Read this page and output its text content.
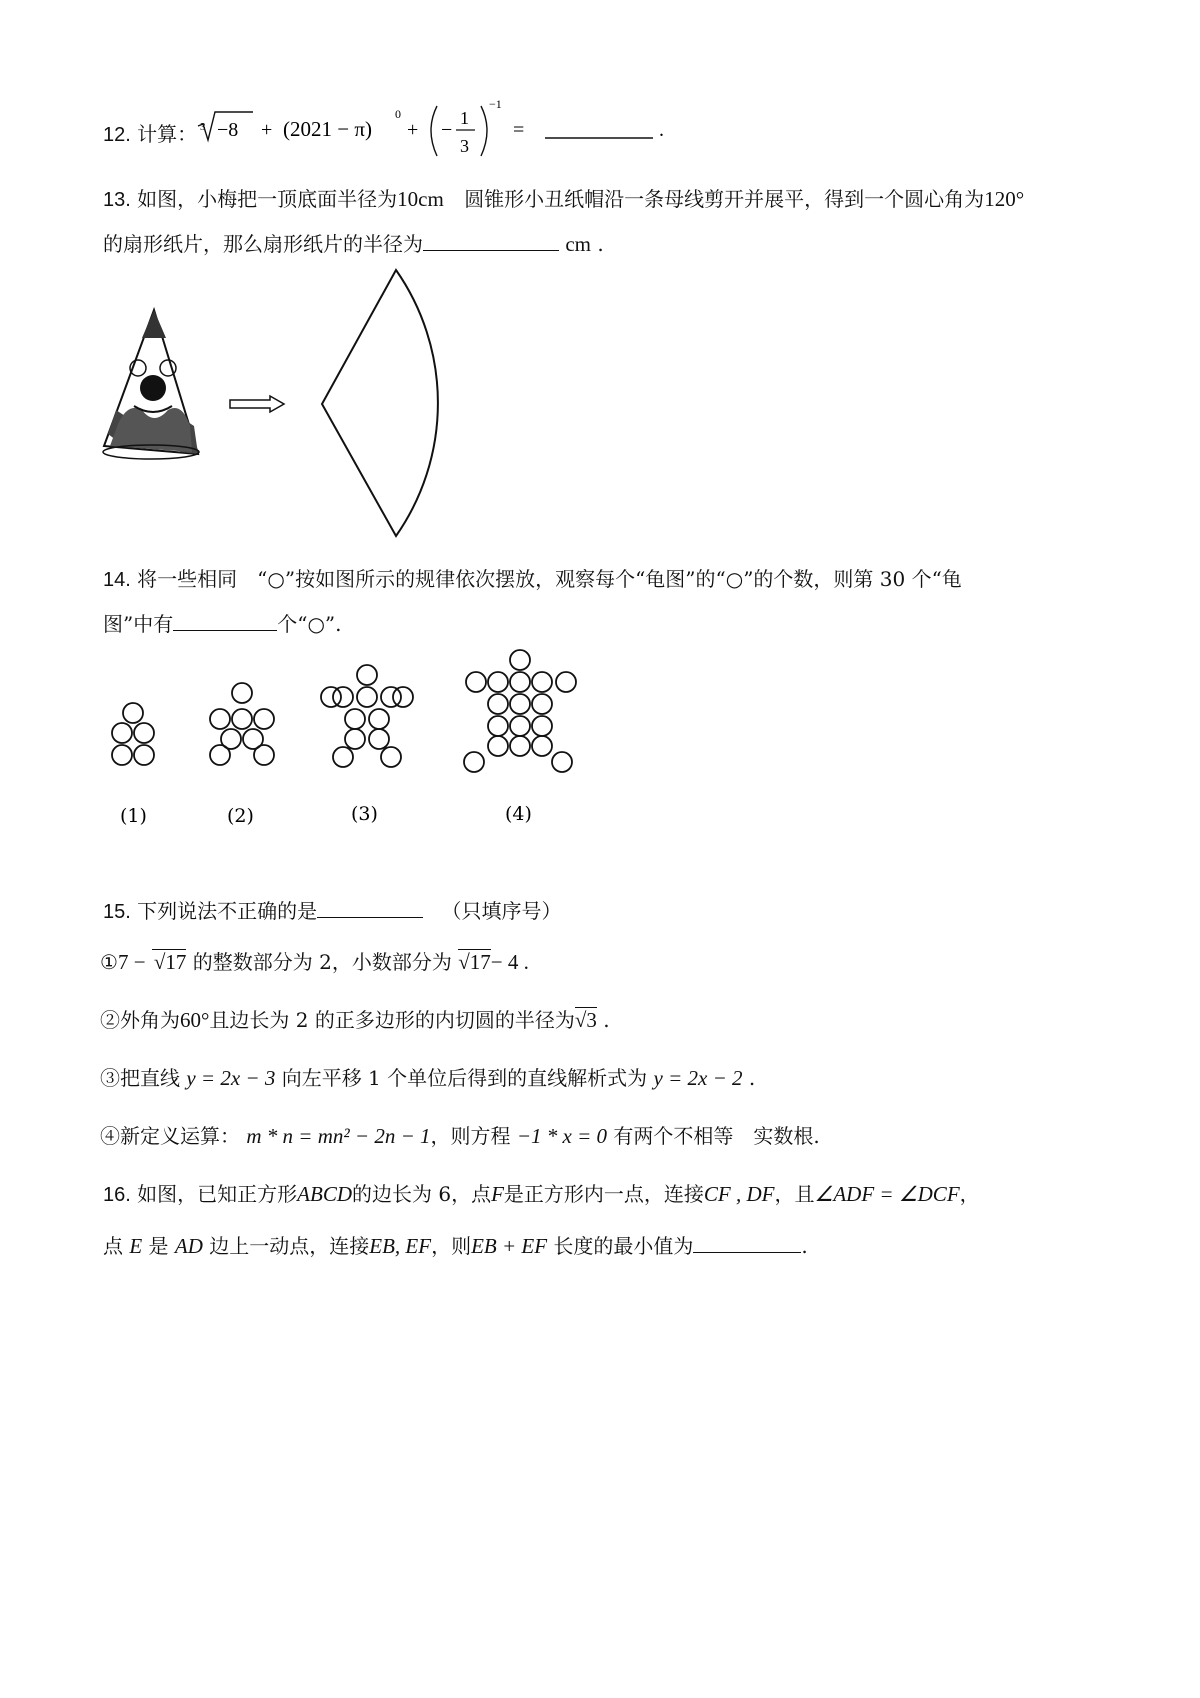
12. 计算： 3 −8 + (2021 − π)
0
+ −
1
3
−1
=	.
13. 如图，小梅把一顶底面半径为10cm 圆锥形小丑纸帽沿一条母线剪开并展平，得到一个圆心角为120°
的扇形纸片，那么扇形纸片的半径为	cm .
14. 将一些相同　“○”按如图所示的规律依次摆放，观察每个“龟图”的“○”的个数，则第 30 个“龟
图”中有	个“○”.
(1)	(2)	(3)	(4)
15. 下列说法不正确的是	（只填序号）
①7 − √17 的整数部分为 2，小数部分为 √17− 4 .
②外角为60°且边长为 2 的正多边形的内切圆的半径为√3 .
③把直线 y = 2x − 3 向左平移 1 个单位后得到的直线解析式为 y = 2x − 2 .
④新定义运算： m * n = mn² − 2n − 1，则方程 −1 * x = 0 有两个不相等　实数根.
16. 如图，已知正方形ABCD的边长为 6，点F是正方形内一点，连接CF , DF，且∠ADF = ∠DCF，
点 E 是 AD 边上一动点，连接EB, EF，则EB + EF 长度的最小值为	.
